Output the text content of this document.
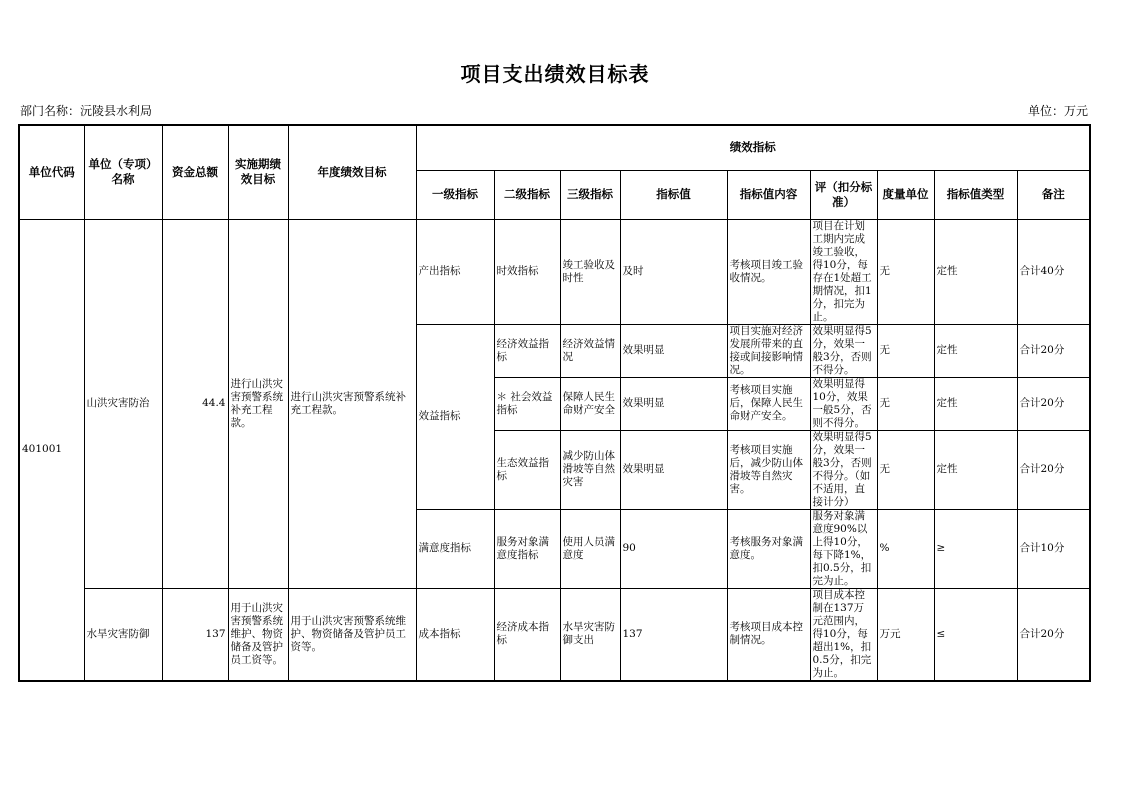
项目支出绩效目标表
部门名称：沅陵县水利局	单位：万元
单位代码	单位（专项）名称	资金总额	实施期绩效目标	年度绩效目标	绩效指标								
					一级指标	二级指标	三级指标	指标值	指标值内容	评（扣分标准）	度量单位	指标值类型	备注
401001	山洪灾害防治	44.4	进行山洪灾害预警系统补充工程款。	进行山洪灾害预警系统补充工程款。	产出指标	时效指标	竣工验收及时性	及时	考核项目竣工验收情况。	项目在计划工期内完成竣工验收，得10分，每存在1处超工期情况，扣1分，扣完为止。	无	定性	合计40分
					效益指标	经济效益指标	经济效益情况	效果明显	项目实施对经济发展所带来的直接或间接影响情况。	效果明显得5分，效果一般3分，否则不得分。	无	定性	合计20分
						＊ 社会效益指标	保障人民生命财产安全	效果明显	考核项目实施后，保障人民生命财产安全。	效果明显得10分，效果一般5分，否则不得分。	无	定性	合计20分
						生态效益指标	减少防山体滑坡等自然灾害	效果明显	考核项目实施后，减少防山体滑坡等自然灾害。	效果明显得5分，效果一般3分，否则不得分。（如不适用，直接计分）	无	定性	合计20分
					满意度指标	服务对象满意度指标	使用人员满意度	90	考核服务对象满意度。	服务对象满意度90%以上得10分，每下降1%，扣0.5分，扣完为止。	%	≥	合计10分
	水旱灾害防御	137	用于山洪灾害预警系统维护、物资储备及管护员工资等。	用于山洪灾害预警系统维护、物资储备及管护员工资等。	成本指标	经济成本指标	水旱灾害防御支出	137	考核项目成本控制情况。	项目成本控制在137万元范围内，得10分，每超出1%，扣0.5分，扣完为止。	万元	≤	合计20分
